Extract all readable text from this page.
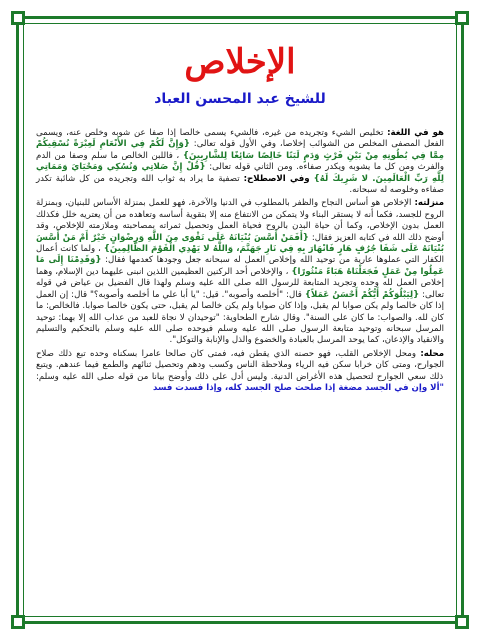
الإخلاص
للشيخ عبد المحسن العباد

هو في اللغة: تخليص الشيء وتجريده من غيره، فالشيء يسمى خالصا إذا صفا عن شوبه وخلص عنه، ويسمى الفعل المصفى المخلص من الشوائب إخلاصا، وفي الأول قوله تعالى: {وَإِنَّ لَكُمْ فِي الأَنْعَامِ لَعِبْرَةً نُسْقِيكُمْ مِمَّا فِي بُطُونِهِ مِنْ بَيْنِ فَرْثٍ وَدَمٍ لَبَنًا خَالِصًا سَائِغًا لِلشَّارِبِينَ} ، فاللبن الخالص ما سلم وصفا من الدم والفرث ومن كل ما يشوبه ويكدر صفاءه. ومن الثاني قوله تعالى: {قُلْ إِنَّ صَلاتِي وَنُسُكِي وَمَحْيَايَ وَمَمَاتِي لِلَّهِ رَبِّ الْعَالَمِينَ. لا شَرِيكَ لَهُ} وفي الاصطلاح: تصفية ما يراد به ثواب الله وتجريده من كل شائبة تكدر صفاءه وخلوصه له سبحانه.

منزلته: الإخلاص هو أساس النجاح والظفر بالمطلوب في الدنيا والآخرة، فهو للعمل بمنزلة الأساس للبنيان، وبمنزلة الروح للجسد، فكما أنه لا يستقر البناء ولا يتمكن من الانتفاع منه إلا بتقوية أساسه وتعاهده من أن يعتريه خلل فكذلك العمل بدون الإخلاص، وكما أن حياة البدن بالروح فحياة العمل وتحصيل ثمراته بمصاحبته وملازمته للإخلاص، وقد أوضح ذلك الله في كتابه العزيز فقال: {أَفَمَنْ أَسَّسَ بُنْيَانَهُ عَلَى تَقْوَى مِنَ اللَّهِ وَرِضْوَانٍ خَيْرٌ أَمْ مَنْ أَسَّسَ بُنْيَانَهُ عَلَى شَفَا جُرُفٍ هَارٍ فَانْهَارَ بِهِ فِي نَارِ جَهَنَّمَ، وَاللَّهُ لا يَهْدِي الْقَوْمَ الظَّالِمِينَ} ، ولما كانت أعمال الكفار التي عملوها عارية من توحيد الله وإخلاص العمل له سبحانه جعل وجودها كعدمها فقال: {وَقَدِمْنَا إِلَى مَا عَمِلُوا مِنْ عَمَلٍ فَجَعَلْنَاهُ هَبَاءً مَنْثُورًا} ، والإخلاص أحد الركنين العظيمين اللذين انبنى عليهما دين الإسلام، وهما إخلاص العمل لله وحده وتجريد المتابعة للرسول الله صلى الله عليه وسلم ولهذا قال الفضيل بن عياض في قوله تعالى: {لِيَبْلُوَكُمْ أَيُّكُمْ أَحْسَنُ عَمَلاً} قال: "أخلصه وأصوبه". قيل: "يا أبا علي ما أخلصه وأصوبه؟" قال: إن العمل إذا كان خالصا ولم يكن صوابا لم يقبل، وإذا كان صوابا ولم يكن خالصا لم يقبل، حتى يكون خالصا صوابا. فالخالص: ما كان لله. والصواب: ما كان على السنة". وقال شارح الطحاوية: "توحيدان لا نجاة للعبد من عذاب الله إلا بهما: توحيد المرسل سبحانه وتوحيد متابعة الرسول صلى الله عليه وسلم فيوحده صلى الله عليه وسلم بالتحكيم والتسليم والانقياد والإذعان، كما يوحد المرسل بالعبادة والخضوع والذل والإنابة والتوكل".

محله: ومحل الإخلاص القلب، فهو حصنه الذي يقطن فيه، فمتى كان صالحا عامرا بسكناه وحده تبع ذلك صلاح الجوارح، ومتى كان خرابا سكن فيه الرياء وملاحظة الناس وكسب ودهم وتحصيل ثنائهم والطمع فيما عندهم. ويتبع ذلك سعي الجوارح لتحصيل هذه الأغراض الدنية. وليس أدل على ذلك وأوضح بيانا من قوله صلى الله عليه وسلم: "ألا وإن في الجسد مضغة إذا صلحت صلح الجسد كله، وإذا فسدت فسد
